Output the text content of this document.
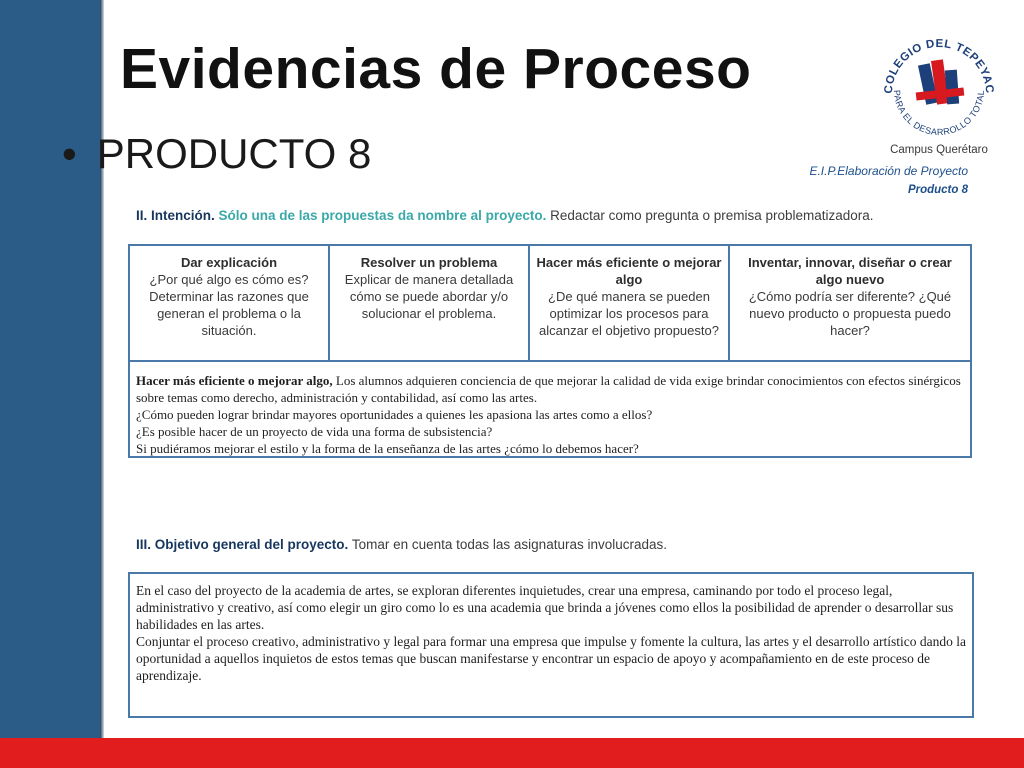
Evidencias de Proceso
• PRODUCTO 8
COLEGIO DEL TEPEYAC
PARA EL DESARROLLO TOTAL
Campus Querétaro
E.I.P.Elaboración de Proyecto
Producto 8
II. Intención. Sólo una de las propuestas da nombre al proyecto. Redactar como pregunta o premisa problematizadora.
Dar explicación
¿Por qué algo es cómo es? Determinar las razones que generan el problema o la situación.
Resolver un problema
Explicar de manera detallada cómo se puede abordar y/o solucionar el problema.
Hacer más eficiente o mejorar algo
¿De qué manera se pueden optimizar los procesos para alcanzar el objetivo propuesto?
Inventar, innovar, diseñar o crear algo nuevo
¿Cómo podría ser diferente? ¿Qué nuevo producto o propuesta puedo hacer?

Hacer más eficiente o mejorar algo, Los alumnos adquieren conciencia de que mejorar la calidad de vida exige brindar conocimientos con efectos sinérgicos sobre temas como derecho, administración y contabilidad, así como las artes.

¿Cómo pueden lograr brindar mayores oportunidades a quienes les apasiona las artes como a ellos?

¿Es posible hacer de un proyecto de vida una forma de subsistencia?

Si pudiéramos mejorar el estilo y la forma de la enseñanza de las artes ¿cómo lo debemos hacer?

III. Objetivo general del proyecto. Tomar en cuenta todas las asignaturas involucradas.

En el caso del proyecto de la academia de artes, se exploran diferentes inquietudes, crear una empresa, caminando por todo el proceso legal, administrativo y creativo, así como elegir un giro como lo es una academia que brinda a jóvenes como ellos la posibilidad de aprender o desarrollar sus habilidades en las artes.

Conjuntar el proceso creativo, administrativo y legal para formar una empresa que impulse y fomente la cultura, las artes y el desarrollo artístico dando la oportunidad a aquellos inquietos de estos temas que buscan manifestarse y encontrar un espacio de apoyo y acompañamiento en de este proceso de aprendizaje.
